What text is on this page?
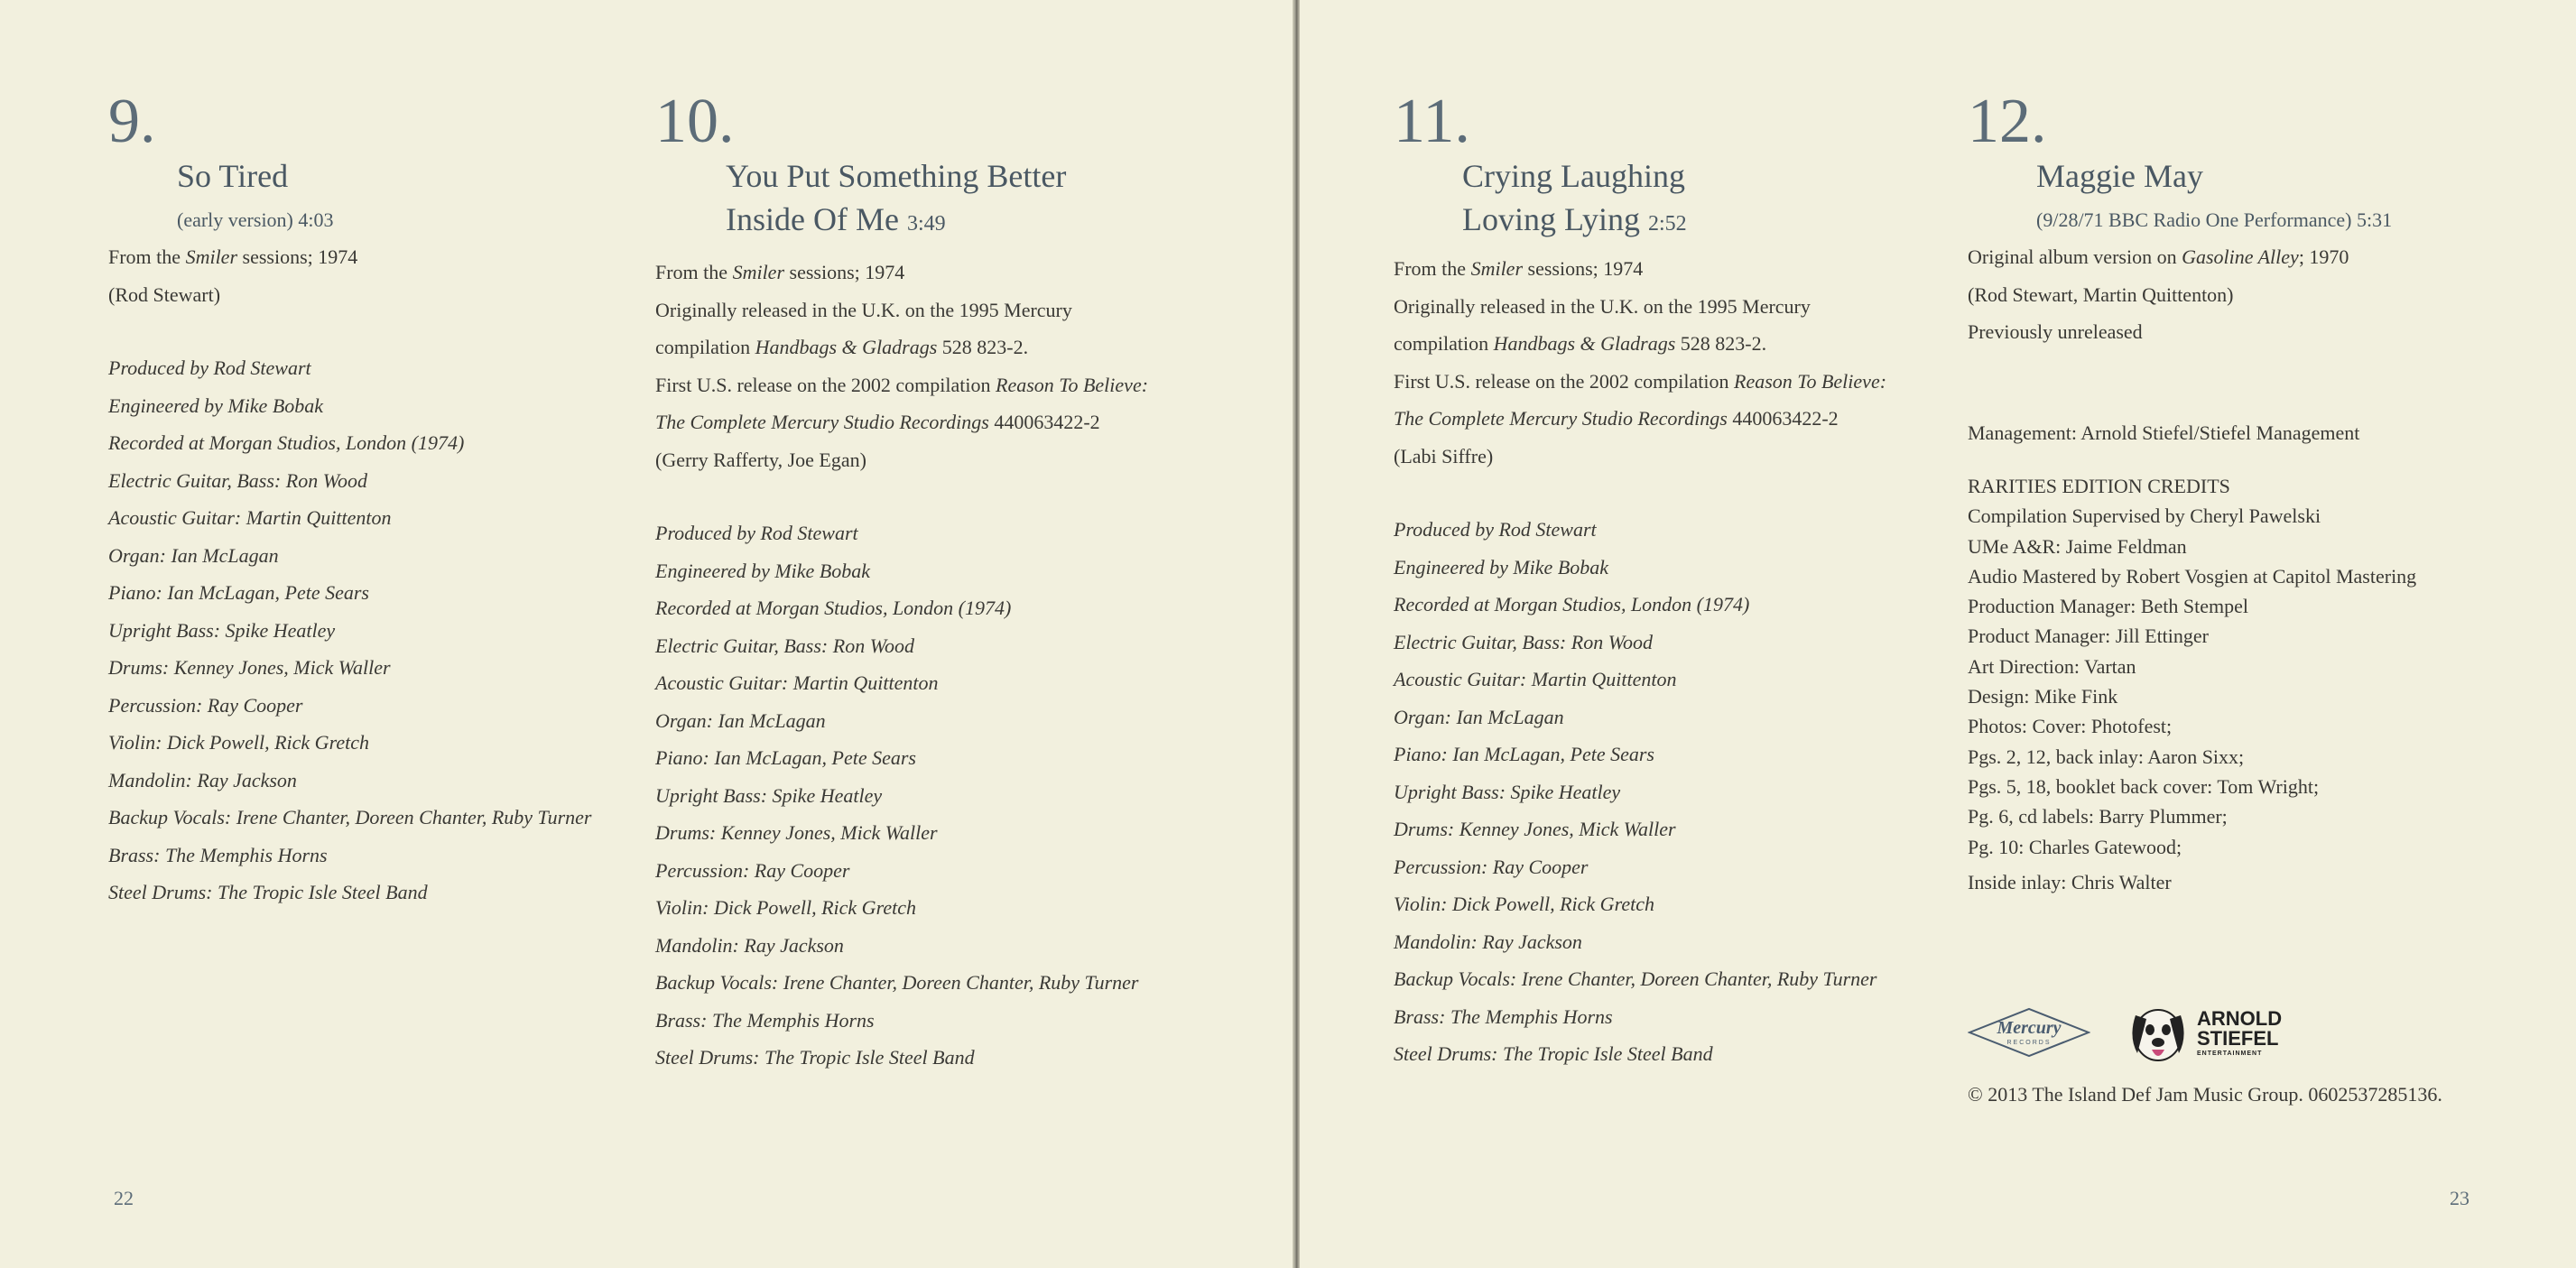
9.
So Tired
(early version) 4:03
From the Smiler sessions; 1974
(Rod Stewart)
Produced by Rod Stewart
Engineered by Mike Bobak
Recorded at Morgan Studios, London (1974)
Electric Guitar, Bass: Ron Wood
Acoustic Guitar: Martin Quittenton
Organ: Ian McLagan
Piano: Ian McLagan, Pete Sears
Upright Bass: Spike Heatley
Drums: Kenney Jones, Mick Waller
Percussion: Ray Cooper
Violin: Dick Powell, Rick Gretch
Mandolin: Ray Jackson
Backup Vocals: Irene Chanter, Doreen Chanter, Ruby Turner
Brass: The Memphis Horns
Steel Drums: The Tropic Isle Steel Band
10.
You Put Something Better
Inside Of Me 3:49
From the Smiler sessions; 1974
Originally released in the U.K. on the 1995 Mercury
compilation Handbags & Gladrags 528 823-2.
First U.S. release on the 2002 compilation Reason To Believe:
The Complete Mercury Studio Recordings 440063422-2
(Gerry Rafferty, Joe Egan)
Produced by Rod Stewart
Engineered by Mike Bobak
Recorded at Morgan Studios, London (1974)
Electric Guitar, Bass: Ron Wood
Acoustic Guitar: Martin Quittenton
Organ: Ian McLagan
Piano: Ian McLagan, Pete Sears
Upright Bass: Spike Heatley
Drums: Kenney Jones, Mick Waller
Percussion: Ray Cooper
Violin: Dick Powell, Rick Gretch
Mandolin: Ray Jackson
Backup Vocals: Irene Chanter, Doreen Chanter, Ruby Turner
Brass: The Memphis Horns
Steel Drums: The Tropic Isle Steel Band
22
11.
Crying Laughing
Loving Lying 2:52
From the Smiler sessions; 1974
Originally released in the U.K. on the 1995 Mercury
compilation Handbags & Gladrags 528 823-2.
First U.S. release on the 2002 compilation Reason To Believe:
The Complete Mercury Studio Recordings 440063422-2
(Labi Siffre)
Produced by Rod Stewart
Engineered by Mike Bobak
Recorded at Morgan Studios, London (1974)
Electric Guitar, Bass: Ron Wood
Acoustic Guitar: Martin Quittenton
Organ: Ian McLagan
Piano: Ian McLagan, Pete Sears
Upright Bass: Spike Heatley
Drums: Kenney Jones, Mick Waller
Percussion: Ray Cooper
Violin: Dick Powell, Rick Gretch
Mandolin: Ray Jackson
Backup Vocals: Irene Chanter, Doreen Chanter, Ruby Turner
Brass: The Memphis Horns
Steel Drums: The Tropic Isle Steel Band
12.
Maggie May
(9/28/71 BBC Radio One Performance) 5:31
Original album version on Gasoline Alley; 1970
(Rod Stewart, Martin Quittenton)
Previously unreleased
Management: Arnold Stiefel/Stiefel Management
RARITIES EDITION CREDITS
Compilation Supervised by Cheryl Pawelski
UMe A&R: Jaime Feldman
Audio Mastered by Robert Vosgien at Capitol Mastering
Production Manager: Beth Stempel
Product Manager: Jill Ettinger
Art Direction: Vartan
Design: Mike Fink
Photos: Cover: Photofest;
Pgs. 2, 12, back inlay: Aaron Sixx;
Pgs. 5, 18, booklet back cover: Tom Wright;
Pg. 6, cd labels: Barry Plummer;
Pg. 10: Charles Gatewood;
Inside inlay: Chris Walter
Mercury
RECORDS
ARNOLD
STIEFEL
ENTERTAINMENT
© 2013 The Island Def Jam Music Group. 0602537285136.
23
